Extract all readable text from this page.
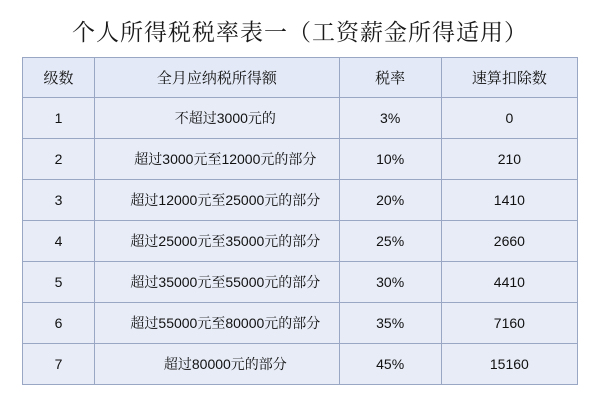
个人所得税税率表一（工资薪金所得适用）
级数	全月应纳税所得额	税率	速算扣除数
1	不超过3000元的	3%	0
2	超过3000元至12000元的部分	10%	210
3	超过12000元至25000元的部分	20%	1410
4	超过25000元至35000元的部分	25%	2660
5	超过35000元至55000元的部分	30%	4410
6	超过55000元至80000元的部分	35%	7160
7	超过80000元的部分	45%	15160
